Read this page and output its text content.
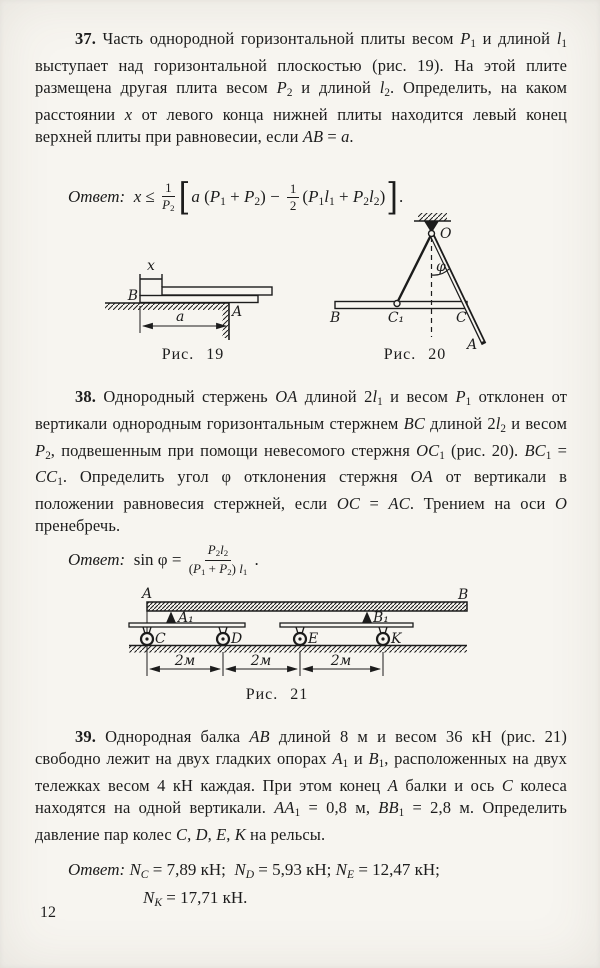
37. Часть однородной горизонтальной плиты весом P1 и длиной l1 выступает над горизонтальной плоскостью (рис. 19). На этой плите размещена другая плита весом P2 и длиной l2. Определить, на каком расстоянии x от левого конца нижней плиты находится левый конец верхней плиты при равновесии, если AB = a.

Ответ: $x \le \frac{1}{P2}$ [ a $(P1 + P2) - \frac{1}{2} (P1l1 + P2l2)$ ] .
x
B
A
a
Рис. 19
O
φ
B	C₁	C
A
Рис. 20

38. Однородный стержень OA длиной 2l1 и весом P1 отклонен от вертикали однородным горизонтальным стержнем BC длиной 2l2 и весом P2, подвешенным при помощи невесомого стержня OC1 (рис. 20). BC1 = CC1. Определить угол φ отклонения стержня OA от вертикали в положении равновесия стержней, если OC = AC. Трением на оси O пренебречь.

Ответ: $\sin \varphi = \frac{P2l2}{(P1 + P2) l1}$ .
A	B
A₁	B₁
C	D	E	K
2м	2м	2м
Рис. 21

39. Однородная балка AB длиной 8 м и весом 36 кН (рис. 21) свободно лежит на двух гладких опорах A1 и B1, расположенных на двух тележках весом 4 кН каждая. При этом конец A балки и ось C колеса находятся на одной вертикали. AA1 = 0,8 м, BB1 = 2,8 м. Определить давление пар колес C, D, E, K на рельсы.

Ответ: NC = 7,89 кН;  ND = 5,93 кН; NE = 12,47 кН;
NK = 17,71 кН.
12
